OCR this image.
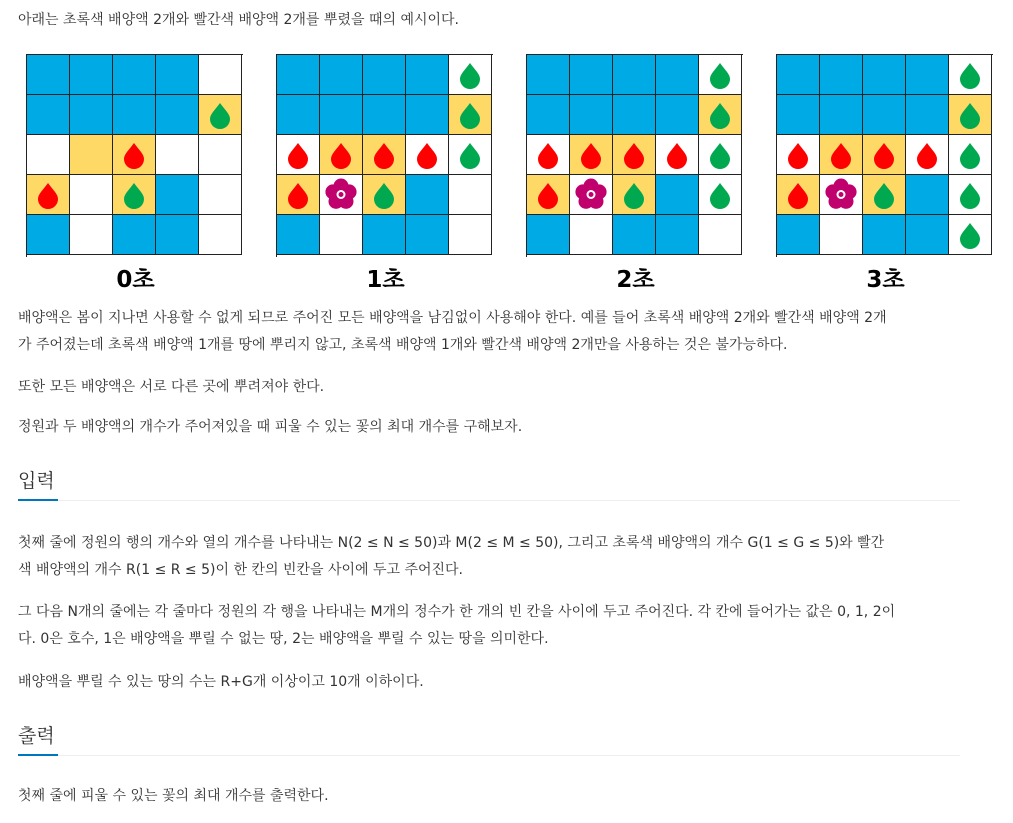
아래는 초록색 배양액 2개와 빨간색 배양액 2개를 뿌렸을 때의 예시이다.

0초	1초	2초	3초

배양액은 봄이 지나면 사용할 수 없게 되므로 주어진 모든 배양액을 남김없이 사용해야 한다. 예를 들어 초록색 배양액 2개와 빨간색 배양액 2개
가 주어졌는데 초록색 배양액 1개를 땅에 뿌리지 않고, 초록색 배양액 1개와 빨간색 배양액 2개만을 사용하는 것은 불가능하다.

또한 모든 배양액은 서로 다른 곳에 뿌려져야 한다.

정원과 두 배양액의 개수가 주어져있을 때 피울 수 있는 꽃의 최대 개수를 구해보자.

입력

첫째 줄에 정원의 행의 개수와 열의 개수를 나타내는 N(2 ≤ N ≤ 50)과 M(2 ≤ M ≤ 50), 그리고 초록색 배양액의 개수 G(1 ≤ G ≤ 5)와 빨간
색 배양액의 개수 R(1 ≤ R ≤ 5)이 한 칸의 빈칸을 사이에 두고 주어진다.

그 다음 N개의 줄에는 각 줄마다 정원의 각 행을 나타내는 M개의 정수가 한 개의 빈 칸을 사이에 두고 주어진다. 각 칸에 들어가는 값은 0, 1, 2이
다. 0은 호수, 1은 배양액을 뿌릴 수 없는 땅, 2는 배양액을 뿌릴 수 있는 땅을 의미한다.

배양액을 뿌릴 수 있는 땅의 수는 R+G개 이상이고 10개 이하이다.

출력

첫째 줄에 피울 수 있는 꽃의 최대 개수를 출력한다.
